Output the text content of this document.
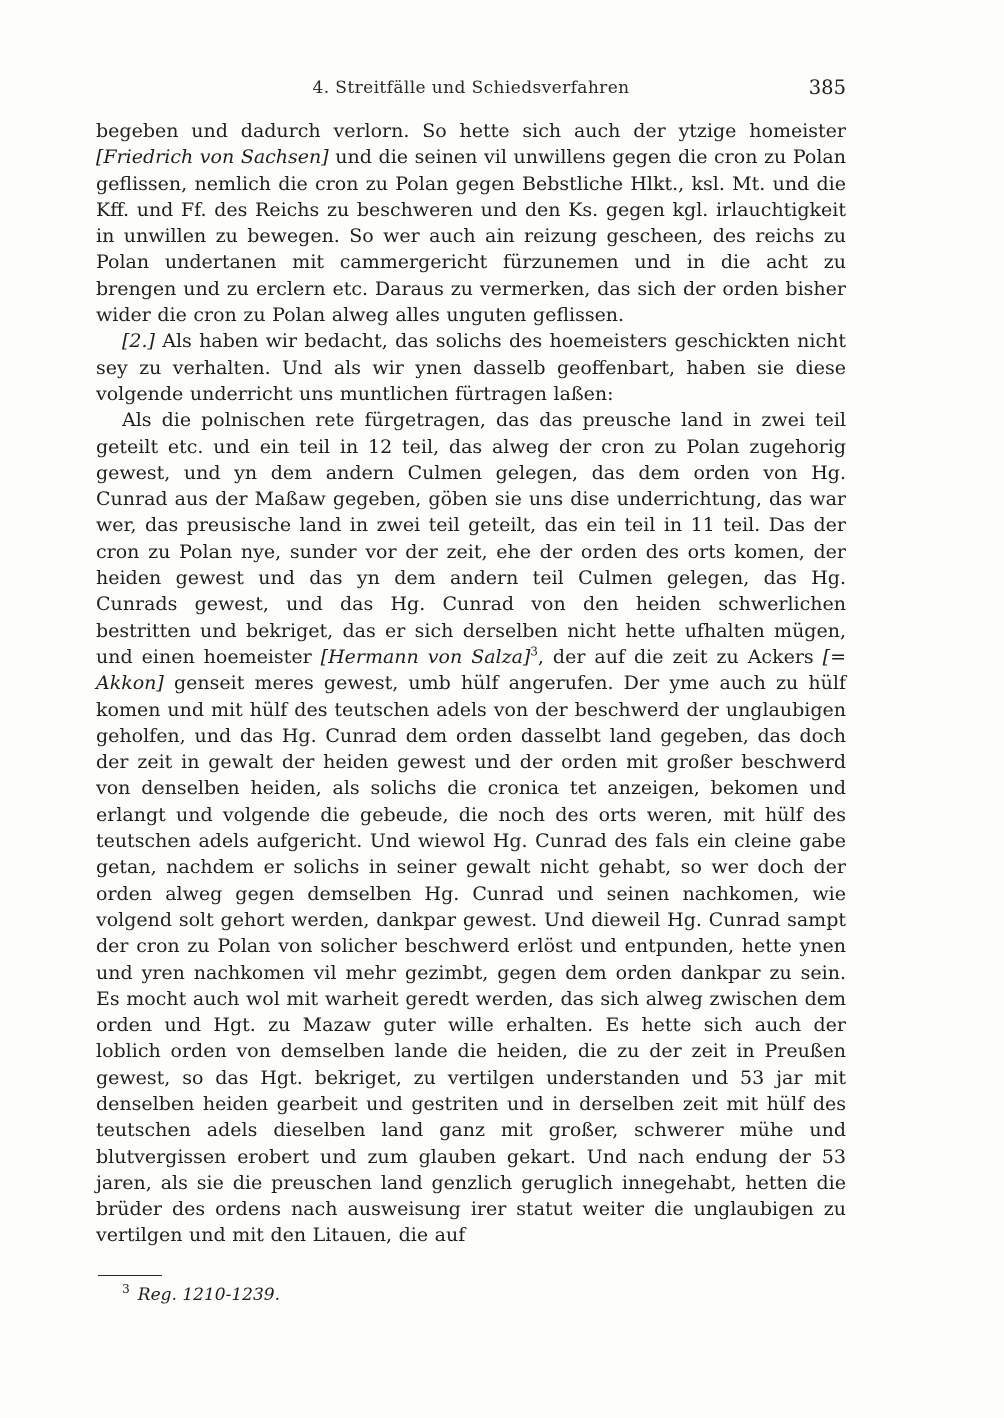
4. Streitfälle und Schiedsverfahren	385

begeben und dadurch verlorn. So hette sich auch der ytzige homeister [Friedrich von Sachsen] und die seinen vil unwillens gegen die cron zu Polan geflissen, nemlich die cron zu Polan gegen Bebstliche Hlkt., ksl. Mt. und die Kff. und Ff. des Reichs zu beschweren und den Ks. gegen kgl. irlauchtigkeit in unwillen zu bewegen. So wer auch ain reizung gescheen, des reichs zu Polan undertanen mit cammergericht fürzunemen und in die acht zu brengen und zu erclern etc. Daraus zu vermerken, das sich der orden bisher wider die cron zu Polan alweg alles unguten geflissen.

[2.] Als haben wir bedacht, das solichs des hoemeisters geschickten nicht sey zu verhalten. Und als wir ynen dasselb geoffenbart, haben sie diese volgende underricht uns muntlichen fürtragen laßen:

Als die polnischen rete fürgetragen, das das preusche land in zwei teil geteilt etc. und ein teil in 12 teil, das alweg der cron zu Polan zugehorig gewest, und yn dem andern Culmen gelegen, das dem orden von Hg. Cunrad aus der Maßaw gegeben, göben sie uns dise underrichtung, das war wer, das preusische land in zwei teil geteilt, das ein teil in 11 teil. Das der cron zu Polan nye, sunder vor der zeit, ehe der orden des orts komen, der heiden gewest und das yn dem andern teil Culmen gelegen, das Hg. Cunrads gewest, und das Hg. Cunrad von den heiden schwerlichen bestritten und bekriget, das er sich derselben nicht hette ufhalten mügen, und einen hoemeister [Hermann von Salza]$^3$, der auf die zeit zu Ackers [= Akkon] genseit meres gewest, umb hülf angerufen. Der yme auch zu hülf komen und mit hülf des teutschen adels von der beschwerd der unglaubigen geholfen, und das Hg. Cunrad dem orden dasselbt land gegeben, das doch der zeit in gewalt der heiden gewest und der orden mit großer beschwerd von denselben heiden, als solichs die cronica tet anzeigen, bekomen und erlangt und volgende die gebeude, die noch des orts weren, mit hülf des teutschen adels aufgericht. Und wiewol Hg. Cunrad des fals ein cleine gabe getan, nachdem er solichs in seiner gewalt nicht gehabt, so wer doch der orden alweg gegen demselben Hg. Cunrad und seinen nachkomen, wie volgend solt gehort werden, dankpar gewest. Und dieweil Hg. Cunrad sampt der cron zu Polan von solicher beschwerd erlöst und entpunden, hette ynen und yren nachkomen vil mehr gezimbt, gegen dem orden dankpar zu sein. Es mocht auch wol mit warheit geredt werden, das sich alweg zwischen dem orden und Hgt. zu Mazaw guter wille erhalten. Es hette sich auch der loblich orden von demselben lande die heiden, die zu der zeit in Preußen gewest, so das Hgt. bekriget, zu vertilgen understanden und 53 jar mit denselben heiden gearbeit und gestriten und in derselben zeit mit hülf des teutschen adels dieselben land ganz mit großer, schwerer mühe und blutvergissen erobert und zum glauben gekart. Und nach endung der 53 jaren, als sie die preuschen land genzlich geruglich innegehabt, hetten die brüder des ordens nach ausweisung irer statut weiter die unglaubigen zu vertilgen und mit den Litauen, die auf

$^3$ Reg. 1210-1239.
